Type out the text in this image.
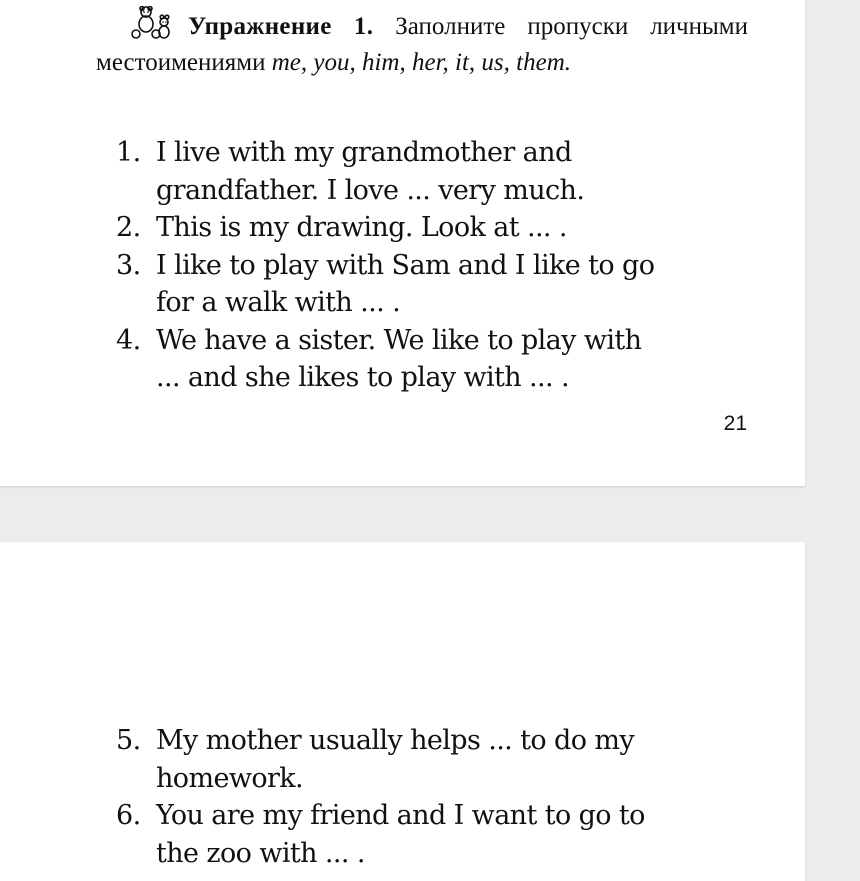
Упражнение 1. Заполните пропуски личными местоимениями me, you, him, her, it, us, them.
1. I live with my grandmother and
grandfather. I love ... very much.
2. This is my drawing. Look at ... .
3. I like to play with Sam and I like to go
for a walk with ... .
4. We have a sister. We like to play with
... and she likes to play with ... .
21
5. My mother usually helps ... to do my
homework.
6. You are my friend and I want to go to
the zoo with ... .
